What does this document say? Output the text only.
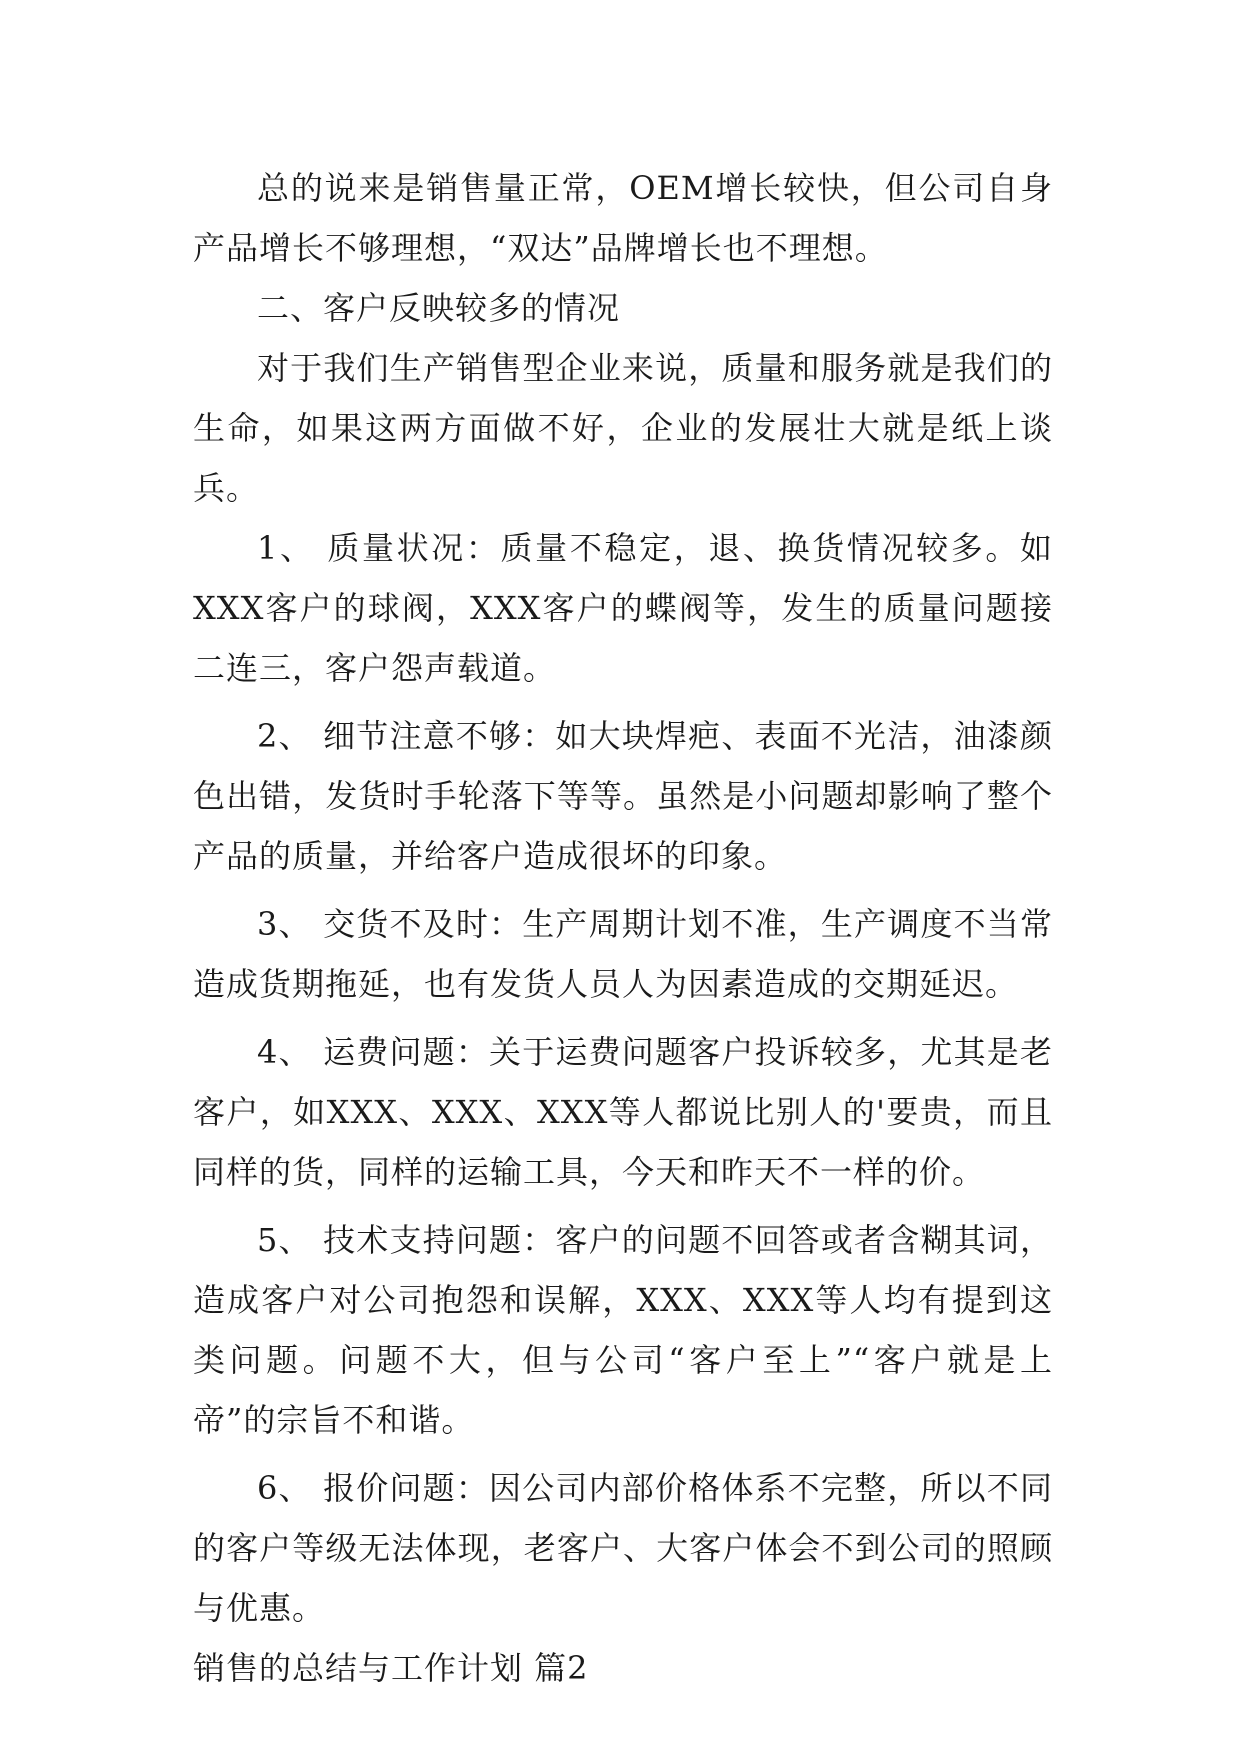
总的说来是销售量正常，OEM增长较快，但公司自身产品增长不够理想，“双达”品牌增长也不理想。

二、客户反映较多的情况

对于我们生产销售型企业来说，质量和服务就是我们的生命，如果这两方面做不好，企业的发展壮大就是纸上谈兵。

1、 质量状况：质量不稳定，退、换货情况较多。如XXX客户的球阀，XXX客户的蝶阀等，发生的质量问题接二连三，客户怨声载道。

2、 细节注意不够：如大块焊疤、表面不光洁，油漆颜色出错，发货时手轮落下等等。虽然是小问题却影响了整个产品的质量，并给客户造成很坏的印象。

3、 交货不及时：生产周期计划不准，生产调度不当常造成货期拖延，也有发货人员人为因素造成的交期延迟。

4、 运费问题：关于运费问题客户投诉较多，尤其是老客户，如XXX、XXX、XXX等人都说比别人的'要贵，而且同样的货，同样的运输工具，今天和昨天不一样的价。

5、 技术支持问题：客户的问题不回答或者含糊其词，造成客户对公司抱怨和误解，XXX、XXX等人均有提到这类问题。问题不大，但与公司“客户至上”“客户就是上帝”的宗旨不和谐。

6、 报价问题：因公司内部价格体系不完整，所以不同的客户等级无法体现，老客户、大客户体会不到公司的照顾与优惠。

销售的总结与工作计划 篇2
